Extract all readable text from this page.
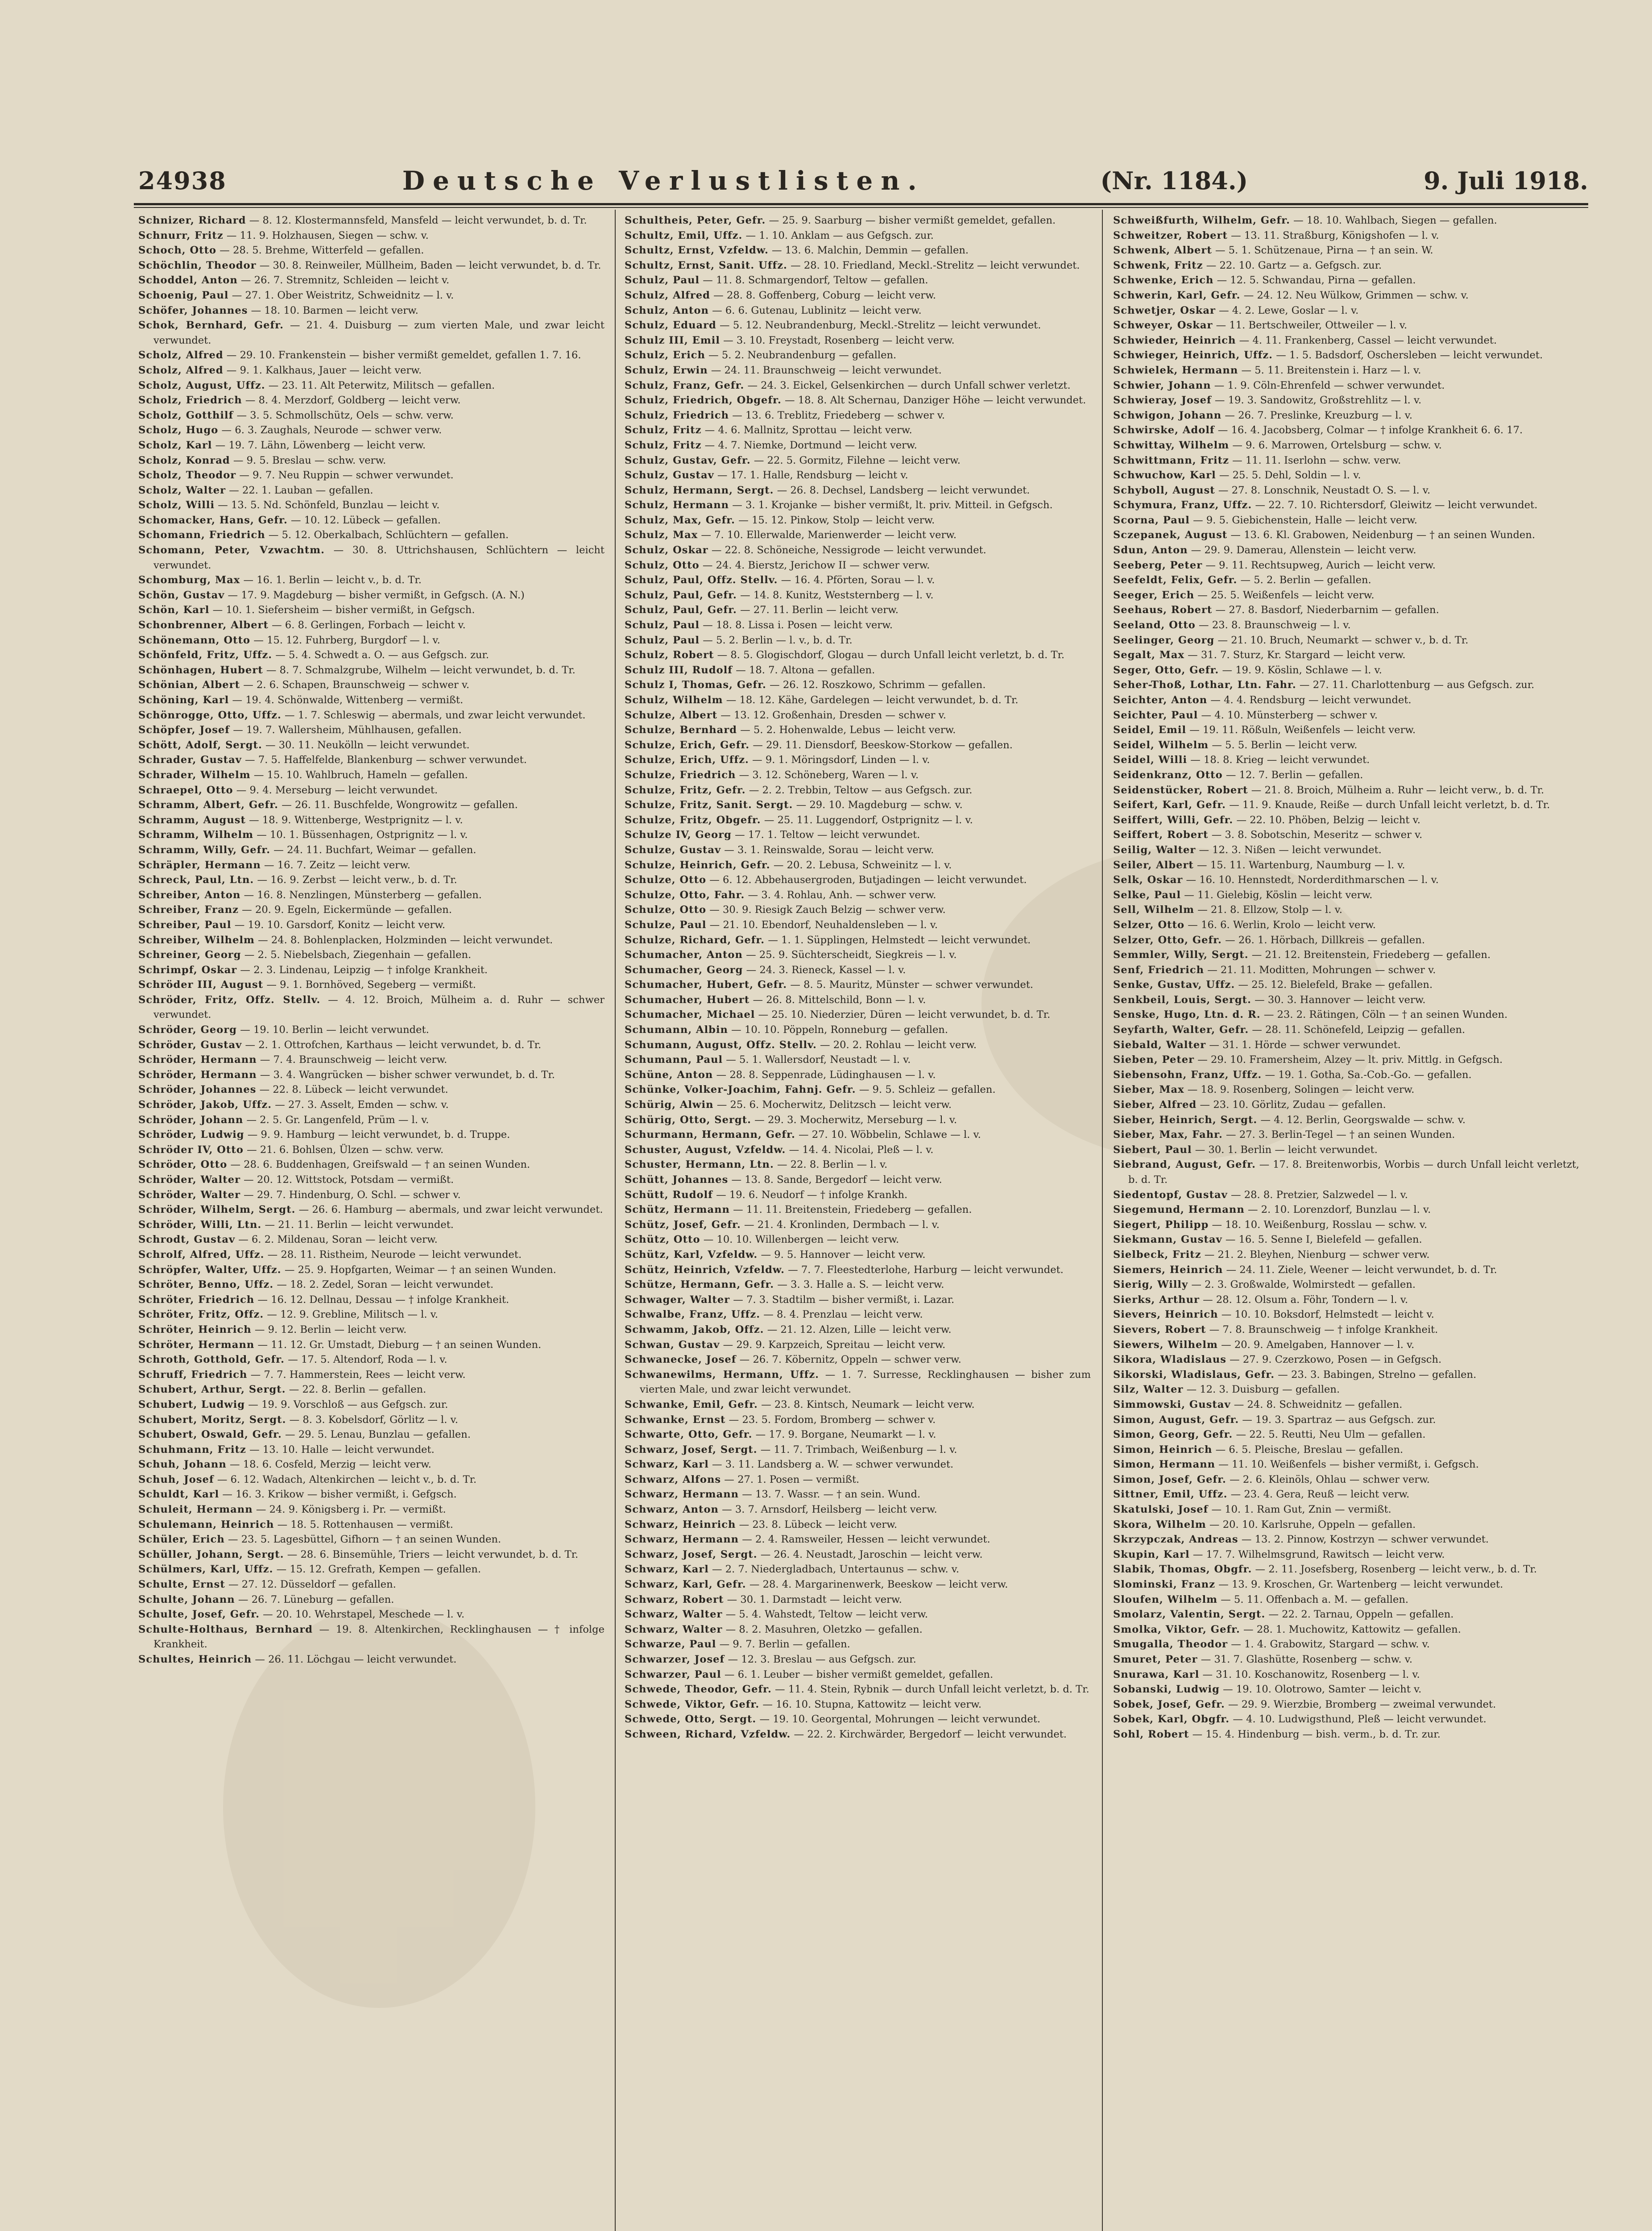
24938	Deutsche Verlustlisten.	(Nr. 1184.)	9. Juli 1918.

Schnizer, Richard — 8. 12. Klostermannsfeld, Mansfeld — leicht verwundet, b. d. Tr.

Schnurr, Fritz — 11. 9. Holzhausen, Siegen — schw. v.

Schoch, Otto — 28. 5. Brehme, Witterfeld — gefallen.

Schöchlin, Theodor — 30. 8. Reinweiler, Müllheim, Baden — leicht verwundet, b. d. Tr.

Schoddel, Anton — 26. 7. Stremnitz, Schleiden — leicht v.

Schoenig, Paul — 27. 1. Ober Weistritz, Schweidnitz — l. v.

Schöfer, Johannes — 18. 10. Barmen — leicht verw.

Schok, Bernhard, Gefr. — 21. 4. Duisburg — zum vierten Male, und zwar leicht verwundet.

Scholz, Alfred — 29. 10. Frankenstein — bisher vermißt gemeldet, gefallen 1. 7. 16.

Scholz, Alfred — 9. 1. Kalkhaus, Jauer — leicht verw.

Scholz, August, Uffz. — 23. 11. Alt Peterwitz, Militsch — gefallen.

Scholz, Friedrich — 8. 4. Merzdorf, Goldberg — leicht verw.

Scholz, Gotthilf — 3. 5. Schmollschütz, Oels — schw. verw.

Scholz, Hugo — 6. 3. Zaughals, Neurode — schwer verw.

Scholz, Karl — 19. 7. Lähn, Löwenberg — leicht verw.

Scholz, Konrad — 9. 5. Breslau — schw. verw.

Scholz, Theodor — 9. 7. Neu Ruppin — schwer verwundet.

Scholz, Walter — 22. 1. Lauban — gefallen.

Scholz, Willi — 13. 5. Nd. Schönfeld, Bunzlau — leicht v.

Schomacker, Hans, Gefr. — 10. 12. Lübeck — gefallen.

Schomann, Friedrich — 5. 12. Oberkalbach, Schlüchtern — gefallen.

Schomann, Peter, Vzwachtm. — 30. 8. Uttrichshausen, Schlüchtern — leicht verwundet.

Schomburg, Max — 16. 1. Berlin — leicht v., b. d. Tr.

Schön, Gustav — 17. 9. Magdeburg — bisher vermißt, in Gefgsch. (A. N.)

Schön, Karl — 10. 1. Siefersheim — bisher vermißt, in Gefgsch.

Schonbrenner, Albert — 6. 8. Gerlingen, Forbach — leicht v.

Schönemann, Otto — 15. 12. Fuhrberg, Burgdorf — l. v.

Schönfeld, Fritz, Uffz. — 5. 4. Schwedt a. O. — aus Gefgsch. zur.

Schönhagen, Hubert — 8. 7. Schmalzgrube, Wilhelm — leicht verwundet, b. d. Tr.

Schönian, Albert — 2. 6. Schapen, Braunschweig — schwer v.

Schöning, Karl — 19. 4. Schönwalde, Wittenberg — vermißt.

Schönrogge, Otto, Uffz. — 1. 7. Schleswig — abermals, und zwar leicht verwundet.

Schöpfer, Josef — 19. 7. Wallersheim, Mühlhausen, gefallen.

Schött, Adolf, Sergt. — 30. 11. Neukölln — leicht verwundet.

Schrader, Gustav — 7. 5. Haffelfelde, Blankenburg — schwer verwundet.

Schrader, Wilhelm — 15. 10. Wahlbruch, Hameln — gefallen.

Schraepel, Otto — 9. 4. Merseburg — leicht verwundet.

Schramm, Albert, Gefr. — 26. 11. Buschfelde, Wongrowitz — gefallen.

Schramm, August — 18. 9. Wittenberge, Westprignitz — l. v.

Schramm, Wilhelm — 10. 1. Büssenhagen, Ostprignitz — l. v.

Schramm, Willy, Gefr. — 24. 11. Buchfart, Weimar — gefallen.

Schräpler, Hermann — 16. 7. Zeitz — leicht verw.

Schreck, Paul, Ltn. — 16. 9. Zerbst — leicht verw., b. d. Tr.

Schreiber, Anton — 16. 8. Nenzlingen, Münsterberg — gefallen.

Schreiber, Franz — 20. 9. Egeln, Eickermünde — gefallen.

Schreiber, Paul — 19. 10. Garsdorf, Konitz — leicht verw.

Schreiber, Wilhelm — 24. 8. Bohlenplacken, Holzminden — leicht verwundet.

Schreiner, Georg — 2. 5. Niebelsbach, Ziegenhain — gefallen.

Schrimpf, Oskar — 2. 3. Lindenau, Leipzig — † infolge Krankheit.

Schröder III, August — 9. 1. Bornhöved, Segeberg — vermißt.

Schröder, Fritz, Offz. Stellv. — 4. 12. Broich, Mülheim a. d. Ruhr — schwer verwundet.

Schröder, Georg — 19. 10. Berlin — leicht verwundet.

Schröder, Gustav — 2. 1. Ottrofchen, Karthaus — leicht verwundet, b. d. Tr.

Schröder, Hermann — 7. 4. Braunschweig — leicht verw.

Schröder, Hermann — 3. 4. Wangrücken — bisher schwer verwundet, b. d. Tr.

Schröder, Johannes — 22. 8. Lübeck — leicht verwundet.

Schröder, Jakob, Uffz. — 27. 3. Asselt, Emden — schw. v.

Schröder, Johann — 2. 5. Gr. Langenfeld, Prüm — l. v.

Schröder, Ludwig — 9. 9. Hamburg — leicht verwundet, b. d. Truppe.

Schröder IV, Otto — 21. 6. Bohlsen, Ülzen — schw. verw.

Schröder, Otto — 28. 6. Buddenhagen, Greifswald — † an seinen Wunden.

Schröder, Walter — 20. 12. Wittstock, Potsdam — vermißt.

Schröder, Walter — 29. 7. Hindenburg, O. Schl. — schwer v.

Schröder, Wilhelm, Sergt. — 26. 6. Hamburg — abermals, und zwar leicht verwundet.

Schröder, Willi, Ltn. — 21. 11. Berlin — leicht verwundet.

Schrodt, Gustav — 6. 2. Mildenau, Soran — leicht verw.

Schrolf, Alfred, Uffz. — 28. 11. Ristheim, Neurode — leicht verwundet.

Schröpfer, Walter, Uffz. — 25. 9. Hopfgarten, Weimar — † an seinen Wunden.

Schröter, Benno, Uffz. — 18. 2. Zedel, Soran — leicht verwundet.

Schröter, Friedrich — 16. 12. Dellnau, Dessau — † infolge Krankheit.

Schröter, Fritz, Offz. — 12. 9. Grebline, Militsch — l. v.

Schröter, Heinrich — 9. 12. Berlin — leicht verw.

Schröter, Hermann — 11. 12. Gr. Umstadt, Dieburg — † an seinen Wunden.

Schroth, Gotthold, Gefr. — 17. 5. Altendorf, Roda — l. v.

Schruff, Friedrich — 7. 7. Hammerstein, Rees — leicht verw.

Schubert, Arthur, Sergt. — 22. 8. Berlin — gefallen.

Schubert, Ludwig — 19. 9. Vorschloß — aus Gefgsch. zur.

Schubert, Moritz, Sergt. — 8. 3. Kobelsdorf, Görlitz — l. v.

Schubert, Oswald, Gefr. — 29. 5. Lenau, Bunzlau — gefallen.

Schuhmann, Fritz — 13. 10. Halle — leicht verwundet.

Schuh, Johann — 18. 6. Cosfeld, Merzig — leicht verw.

Schuh, Josef — 6. 12. Wadach, Altenkirchen — leicht v., b. d. Tr.

Schuldt, Karl — 16. 3. Krikow — bisher vermißt, i. Gefgsch.

Schuleit, Hermann — 24. 9. Königsberg i. Pr. — vermißt.

Schulemann, Heinrich — 18. 5. Rottenhausen — vermißt.

Schüler, Erich — 23. 5. Lagesbüttel, Gifhorn — † an seinen Wunden.

Schüller, Johann, Sergt. — 28. 6. Binsemühle, Triers — leicht verwundet, b. d. Tr.

Schülmers, Karl, Uffz. — 15. 12. Grefrath, Kempen — gefallen.

Schulte, Ernst — 27. 12. Düsseldorf — gefallen.

Schulte, Johann — 26. 7. Lüneburg — gefallen.

Schulte, Josef, Gefr. — 20. 10. Wehrstapel, Meschede — l. v.

Schulte-Holthaus, Bernhard — 19. 8. Altenkirchen, Recklinghausen — † infolge Krankheit.

Schultes, Heinrich — 26. 11. Löchgau — leicht verwundet.

Schultheis, Peter, Gefr. — 25. 9. Saarburg — bisher vermißt gemeldet, gefallen.

Schultz, Emil, Uffz. — 1. 10. Anklam — aus Gefgsch. zur.

Schultz, Ernst, Vzfeldw. — 13. 6. Malchin, Demmin — gefallen.

Schultz, Ernst, Sanit. Uffz. — 28. 10. Friedland, Meckl.-Strelitz — leicht verwundet.

Schulz, Paul — 11. 8. Schmargendorf, Teltow — gefallen.

Schulz, Alfred — 28. 8. Goffenberg, Coburg — leicht verw.

Schulz, Anton — 6. 6. Gutenau, Lublinitz — leicht verw.

Schulz, Eduard — 5. 12. Neubrandenburg, Meckl.-Strelitz — leicht verwundet.

Schulz III, Emil — 3. 10. Freystadt, Rosenberg — leicht verw.

Schulz, Erich — 5. 2. Neubrandenburg — gefallen.

Schulz, Erwin — 24. 11. Braunschweig — leicht verwundet.

Schulz, Franz, Gefr. — 24. 3. Eickel, Gelsenkirchen — durch Unfall schwer verletzt.

Schulz, Friedrich, Obgefr. — 18. 8. Alt Schernau, Danziger Höhe — leicht verwundet.

Schulz, Friedrich — 13. 6. Treblitz, Friedeberg — schwer v.

Schulz, Fritz — 4. 6. Mallnitz, Sprottau — leicht verw.

Schulz, Fritz — 4. 7. Niemke, Dortmund — leicht verw.

Schulz, Gustav, Gefr. — 22. 5. Gormitz, Filehne — leicht verw.

Schulz, Gustav — 17. 1. Halle, Rendsburg — leicht v.

Schulz, Hermann, Sergt. — 26. 8. Dechsel, Landsberg — leicht verwundet.

Schulz, Hermann — 3. 1. Krojanke — bisher vermißt, lt. priv. Mitteil. in Gefgsch.

Schulz, Max, Gefr. — 15. 12. Pinkow, Stolp — leicht verw.

Schulz, Max — 7. 10. Ellerwalde, Marienwerder — leicht verw.

Schulz, Oskar — 22. 8. Schöneiche, Nessigrode — leicht verwundet.

Schulz, Otto — 24. 4. Bierstz, Jerichow II — schwer verw.

Schulz, Paul, Offz. Stellv. — 16. 4. Pförten, Sorau — l. v.

Schulz, Paul, Gefr. — 14. 8. Kunitz, Weststernberg — l. v.

Schulz, Paul, Gefr. — 27. 11. Berlin — leicht verw.

Schulz, Paul — 18. 8. Lissa i. Posen — leicht verw.

Schulz, Paul — 5. 2. Berlin — l. v., b. d. Tr.

Schulz, Robert — 8. 5. Glogischdorf, Glogau — durch Unfall leicht verletzt, b. d. Tr.

Schulz III, Rudolf — 18. 7. Altona — gefallen.

Schulz I, Thomas, Gefr. — 26. 12. Roszkowo, Schrimm — gefallen.

Schulz, Wilhelm — 18. 12. Kähe, Gardelegen — leicht verwundet, b. d. Tr.

Schulze, Albert — 13. 12. Großenhain, Dresden — schwer v.

Schulze, Bernhard — 5. 2. Hohenwalde, Lebus — leicht verw.

Schulze, Erich, Gefr. — 29. 11. Diensdorf, Beeskow-Storkow — gefallen.

Schulze, Erich, Uffz. — 9. 1. Möringsdorf, Linden — l. v.

Schulze, Friedrich — 3. 12. Schöneberg, Waren — l. v.

Schulze, Fritz, Gefr. — 2. 2. Trebbin, Teltow — aus Gefgsch. zur.

Schulze, Fritz, Sanit. Sergt. — 29. 10. Magdeburg — schw. v.

Schulze, Fritz, Obgefr. — 25. 11. Luggendorf, Ostprignitz — l. v.

Schulze IV, Georg — 17. 1. Teltow — leicht verwundet.

Schulze, Gustav — 3. 1. Reinswalde, Sorau — leicht verw.

Schulze, Heinrich, Gefr. — 20. 2. Lebusa, Schweinitz — l. v.

Schulze, Otto — 6. 12. Abbehausergroden, Butjadingen — leicht verwundet.

Schulze, Otto, Fahr. — 3. 4. Rohlau, Anh. — schwer verw.

Schulze, Otto — 30. 9. Riesigk Zauch Belzig — schwer verw.

Schulze, Paul — 21. 10. Ebendorf, Neuhaldensleben — l. v.

Schulze, Richard, Gefr. — 1. 1. Süpplingen, Helmstedt — leicht verwundet.

Schumacher, Anton — 25. 9. Süchterscheidt, Siegkreis — l. v.

Schumacher, Georg — 24. 3. Rieneck, Kassel — l. v.

Schumacher, Hubert, Gefr. — 8. 5. Mauritz, Münster — schwer verwundet.

Schumacher, Hubert — 26. 8. Mittelschild, Bonn — l. v.

Schumacher, Michael — 25. 10. Niederzier, Düren — leicht verwundet, b. d. Tr.

Schumann, Albin — 10. 10. Pöppeln, Ronneburg — gefallen.

Schumann, August, Offz. Stellv. — 20. 2. Rohlau — leicht verw.

Schumann, Paul — 5. 1. Wallersdorf, Neustadt — l. v.

Schüne, Anton — 28. 8. Seppenrade, Lüdinghausen — l. v.

Schünke, Volker-Joachim, Fahnj. Gefr. — 9. 5. Schleiz — gefallen.

Schürig, Alwin — 25. 6. Mocherwitz, Delitzsch — leicht verw.

Schürig, Otto, Sergt. — 29. 3. Mocherwitz, Merseburg — l. v.

Schurmann, Hermann, Gefr. — 27. 10. Wöbbelin, Schlawe — l. v.

Schuster, August, Vzfeldw. — 14. 4. Nicolai, Pleß — l. v.

Schuster, Hermann, Ltn. — 22. 8. Berlin — l. v.

Schütt, Johannes — 13. 8. Sande, Bergedorf — leicht verw.

Schütt, Rudolf — 19. 6. Neudorf — † infolge Krankh.

Schütz, Hermann — 11. 11. Breitenstein, Friedeberg — gefallen.

Schütz, Josef, Gefr. — 21. 4. Kronlinden, Dermbach — l. v.

Schütz, Otto — 10. 10. Willenbergen — leicht verw.

Schütz, Karl, Vzfeldw. — 9. 5. Hannover — leicht verw.

Schütz, Heinrich, Vzfeldw. — 7. 7. Fleestedterlohe, Harburg — leicht verwundet.

Schütze, Hermann, Gefr. — 3. 3. Halle a. S. — leicht verw.

Schwager, Walter — 7. 3. Stadtilm — bisher vermißt, i. Lazar.

Schwalbe, Franz, Uffz. — 8. 4. Prenzlau — leicht verw.

Schwamm, Jakob, Offz. — 21. 12. Alzen, Lille — leicht verw.

Schwan, Gustav — 29. 9. Karpzeich, Spreitau — leicht verw.

Schwanecke, Josef — 26. 7. Köbernitz, Oppeln — schwer verw.

Schwanewilms, Hermann, Uffz. — 1. 7. Surresse, Recklinghausen — bisher zum vierten Male, und zwar leicht verwundet.

Schwanke, Emil, Gefr. — 23. 8. Kintsch, Neumark — leicht verw.

Schwanke, Ernst — 23. 5. Fordom, Bromberg — schwer v.

Schwarte, Otto, Gefr. — 17. 9. Borgane, Neumarkt — l. v.

Schwarz, Josef, Sergt. — 11. 7. Trimbach, Weißenburg — l. v.

Schwarz, Karl — 3. 11. Landsberg a. W. — schwer verwundet.

Schwarz, Alfons — 27. 1. Posen — vermißt.

Schwarz, Hermann — 13. 7. Wassr. — † an sein. Wund.

Schwarz, Anton — 3. 7. Arnsdorf, Heilsberg — leicht verw.

Schwarz, Heinrich — 23. 8. Lübeck — leicht verw.

Schwarz, Hermann — 2. 4. Ramsweiler, Hessen — leicht verwundet.

Schwarz, Josef, Sergt. — 26. 4. Neustadt, Jaroschin — leicht verw.

Schwarz, Karl — 2. 7. Niedergladbach, Untertaunus — schw. v.

Schwarz, Karl, Gefr. — 28. 4. Margarinenwerk, Beeskow — leicht verw.

Schwarz, Robert — 30. 1. Darmstadt — leicht verw.

Schwarz, Walter — 5. 4. Wahstedt, Teltow — leicht verw.

Schwarz, Walter — 8. 2. Masuhren, Oletzko — gefallen.

Schwarze, Paul — 9. 7. Berlin — gefallen.

Schwarzer, Josef — 12. 3. Breslau — aus Gefgsch. zur.

Schwarzer, Paul — 6. 1. Leuber — bisher vermißt gemeldet, gefallen.

Schwede, Theodor, Gefr. — 11. 4. Stein, Rybnik — durch Unfall leicht verletzt, b. d. Tr.

Schwede, Viktor, Gefr. — 16. 10. Stupna, Kattowitz — leicht verw.

Schwede, Otto, Sergt. — 19. 10. Georgental, Mohrungen — leicht verwundet.

Schween, Richard, Vzfeldw. — 22. 2. Kirchwärder, Bergedorf — leicht verwundet.

Schweißfurth, Wilhelm, Gefr. — 18. 10. Wahlbach, Siegen — gefallen.

Schweitzer, Robert — 13. 11. Straßburg, Königshofen — l. v.

Schwenk, Albert — 5. 1. Schützenaue, Pirna — † an sein. W.

Schwenk, Fritz — 22. 10. Gartz — a. Gefgsch. zur.

Schwenke, Erich — 12. 5. Schwandau, Pirna — gefallen.

Schwerin, Karl, Gefr. — 24. 12. Neu Wülkow, Grimmen — schw. v.

Schwetjer, Oskar — 4. 2. Lewe, Goslar — l. v.

Schweyer, Oskar — 11. Bertschweiler, Ottweiler — l. v.

Schwieder, Heinrich — 4. 11. Frankenberg, Cassel — leicht verwundet.

Schwieger, Heinrich, Uffz. — 1. 5. Badsdorf, Oschersleben — leicht verwundet.

Schwielek, Hermann — 5. 11. Breitenstein i. Harz — l. v.

Schwier, Johann — 1. 9. Cöln-Ehrenfeld — schwer verwundet.

Schwieray, Josef — 19. 3. Sandowitz, Großstrehlitz — l. v.

Schwigon, Johann — 26. 7. Preslinke, Kreuzburg — l. v.

Schwirske, Adolf — 16. 4. Jacobsberg, Colmar — † infolge Krankheit 6. 6. 17.

Schwittay, Wilhelm — 9. 6. Marrowen, Ortelsburg — schw. v.

Schwittmann, Fritz — 11. 11. Iserlohn — schw. verw.

Schwuchow, Karl — 25. 5. Dehl, Soldin — l. v.

Schyboll, August — 27. 8. Lonschnik, Neustadt O. S. — l. v.

Schymura, Franz, Uffz. — 22. 7. 10. Richtersdorf, Gleiwitz — leicht verwundet.

Scorna, Paul — 9. 5. Giebichenstein, Halle — leicht verw.

Sczepanek, August — 13. 6. Kl. Grabowen, Neidenburg — † an seinen Wunden.

Sdun, Anton — 29. 9. Damerau, Allenstein — leicht verw.

Seeberg, Peter — 9. 11. Rechtsupweg, Aurich — leicht verw.

Seefeldt, Felix, Gefr. — 5. 2. Berlin — gefallen.

Seeger, Erich — 25. 5. Weißenfels — leicht verw.

Seehaus, Robert — 27. 8. Basdorf, Niederbarnim — gefallen.

Seeland, Otto — 23. 8. Braunschweig — l. v.

Seelinger, Georg — 21. 10. Bruch, Neumarkt — schwer v., b. d. Tr.

Segalt, Max — 31. 7. Sturz, Kr. Stargard — leicht verw.

Seger, Otto, Gefr. — 19. 9. Köslin, Schlawe — l. v.

Seher-Thoß, Lothar, Ltn. Fahr. — 27. 11. Charlottenburg — aus Gefgsch. zur.

Seichter, Anton — 4. 4. Rendsburg — leicht verwundet.

Seichter, Paul — 4. 10. Münsterberg — schwer v.

Seidel, Emil — 19. 11. Rößuln, Weißenfels — leicht verw.

Seidel, Wilhelm — 5. 5. Berlin — leicht verw.

Seidel, Willi — 18. 8. Krieg — leicht verwundet.

Seidenkranz, Otto — 12. 7. Berlin — gefallen.

Seidenstücker, Robert — 21. 8. Broich, Mülheim a. Ruhr — leicht verw., b. d. Tr.

Seifert, Karl, Gefr. — 11. 9. Knaude, Reiße — durch Unfall leicht verletzt, b. d. Tr.

Seiffert, Willi, Gefr. — 22. 10. Phöben, Belzig — leicht v.

Seiffert, Robert — 3. 8. Sobotschin, Meseritz — schwer v.

Seilig, Walter — 12. 3. Nißen — leicht verwundet.

Seiler, Albert — 15. 11. Wartenburg, Naumburg — l. v.

Selk, Oskar — 16. 10. Hennstedt, Norderdithmarschen — l. v.

Selke, Paul — 11. Gielebig, Köslin — leicht verw.

Sell, Wilhelm — 21. 8. Ellzow, Stolp — l. v.

Selzer, Otto — 16. 6. Werlin, Krolo — leicht verw.

Selzer, Otto, Gefr. — 26. 1. Hörbach, Dillkreis — gefallen.

Semmler, Willy, Sergt. — 21. 12. Breitenstein, Friedeberg — gefallen.

Senf, Friedrich — 21. 11. Moditten, Mohrungen — schwer v.

Senke, Gustav, Uffz. — 25. 12. Bielefeld, Brake — gefallen.

Senkbeil, Louis, Sergt. — 30. 3. Hannover — leicht verw.

Senske, Hugo, Ltn. d. R. — 23. 2. Rätingen, Cöln — † an seinen Wunden.

Seyfarth, Walter, Gefr. — 28. 11. Schönefeld, Leipzig — gefallen.

Siebald, Walter — 31. 1. Hörde — schwer verwundet.

Sieben, Peter — 29. 10. Framersheim, Alzey — lt. priv. Mittlg. in Gefgsch.

Siebensohn, Franz, Uffz. — 19. 1. Gotha, Sa.-Cob.-Go. — gefallen.

Sieber, Max — 18. 9. Rosenberg, Solingen — leicht verw.

Sieber, Alfred — 23. 10. Görlitz, Zudau — gefallen.

Sieber, Heinrich, Sergt. — 4. 12. Berlin, Georgswalde — schw. v.

Sieber, Max, Fahr. — 27. 3. Berlin-Tegel — † an seinen Wunden.

Siebert, Paul — 30. 1. Berlin — leicht verwundet.

Siebrand, August, Gefr. — 17. 8. Breitenworbis, Worbis — durch Unfall leicht verletzt, b. d. Tr.

Siedentopf, Gustav — 28. 8. Pretzier, Salzwedel — l. v.

Siegemund, Hermann — 2. 10. Lorenzdorf, Bunzlau — l. v.

Siegert, Philipp — 18. 10. Weißenburg, Rosslau — schw. v.

Siekmann, Gustav — 16. 5. Senne I, Bielefeld — gefallen.

Sielbeck, Fritz — 21. 2. Bleyhen, Nienburg — schwer verw.

Siemers, Heinrich — 24. 11. Ziele, Weener — leicht verwundet, b. d. Tr.

Sierig, Willy — 2. 3. Großwalde, Wolmirstedt — gefallen.

Sierks, Arthur — 28. 12. Olsum a. Föhr, Tondern — l. v.

Sievers, Heinrich — 10. 10. Boksdorf, Helmstedt — leicht v.

Sievers, Robert — 7. 8. Braunschweig — † infolge Krankheit.

Siewers, Wilhelm — 20. 9. Amelgaben, Hannover — l. v.

Sikora, Wladislaus — 27. 9. Czerzkowo, Posen — in Gefgsch.

Sikorski, Wladislaus, Gefr. — 23. 3. Babingen, Strelno — gefallen.

Silz, Walter — 12. 3. Duisburg — gefallen.

Simmowski, Gustav — 24. 8. Schweidnitz — gefallen.

Simon, August, Gefr. — 19. 3. Spartraz — aus Gefgsch. zur.

Simon, Georg, Gefr. — 22. 5. Reutti, Neu Ulm — gefallen.

Simon, Heinrich — 6. 5. Pleische, Breslau — gefallen.

Simon, Hermann — 11. 10. Weißenfels — bisher vermißt, i. Gefgsch.

Simon, Josef, Gefr. — 2. 6. Kleinöls, Ohlau — schwer verw.

Sittner, Emil, Uffz. — 23. 4. Gera, Reuß — leicht verw.

Skatulski, Josef — 10. 1. Ram Gut, Znin — vermißt.

Skora, Wilhelm — 20. 10. Karlsruhe, Oppeln — gefallen.

Skrzypczak, Andreas — 13. 2. Pinnow, Kostrzyn — schwer verwundet.

Skupin, Karl — 17. 7. Wilhelmsgrund, Rawitsch — leicht verw.

Slabik, Thomas, Obgfr. — 2. 11. Josefsberg, Rosenberg — leicht verw., b. d. Tr.

Slominski, Franz — 13. 9. Kroschen, Gr. Wartenberg — leicht verwundet.

Sloufen, Wilhelm — 5. 11. Offenbach a. M. — gefallen.

Smolarz, Valentin, Sergt. — 22. 2. Tarnau, Oppeln — gefallen.

Smolka, Viktor, Gefr. — 28. 1. Muchowitz, Kattowitz — gefallen.

Smugalla, Theodor — 1. 4. Grabowitz, Stargard — schw. v.

Smuret, Peter — 31. 7. Glashütte, Rosenberg — schw. v.

Snurawa, Karl — 31. 10. Koschanowitz, Rosenberg — l. v.

Sobanski, Ludwig — 19. 10. Olotrowo, Samter — leicht v.

Sobek, Josef, Gefr. — 29. 9. Wierzbie, Bromberg — zweimal verwundet.

Sobek, Karl, Obgfr. — 4. 10. Ludwigsthund, Pleß — leicht verwundet.

Sohl, Robert — 15. 4. Hindenburg — bish. verm., b. d. Tr. zur.
